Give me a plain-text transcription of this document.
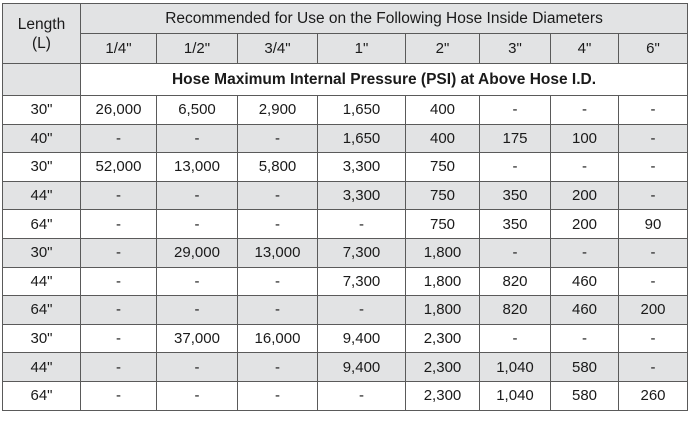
Length
(L)	Recommended for Use on the Following Hose Inside Diameters							
	1/4"	1/2"	3/4"	1"	2"	3"	4"	6"
	Hose Maximum Internal Pressure (PSI) at Above Hose I.D.							
30"	26,000	6,500	2,900	1,650	400	-	-	-
40"	-	-	-	1,650	400	175	100	-
30"	52,000	13,000	5,800	3,300	750	-	-	-
44"	-	-	-	3,300	750	350	200	-
64"	-	-	-	-	750	350	200	90
30"	-	29,000	13,000	7,300	1,800	-	-	-
44"	-	-	-	7,300	1,800	820	460	-
64"	-	-	-	-	1,800	820	460	200
30"	-	37,000	16,000	9,400	2,300	-	-	-
44"	-	-	-	9,400	2,300	1,040	580	-
64"	-	-	-	-	2,300	1,040	580	260
